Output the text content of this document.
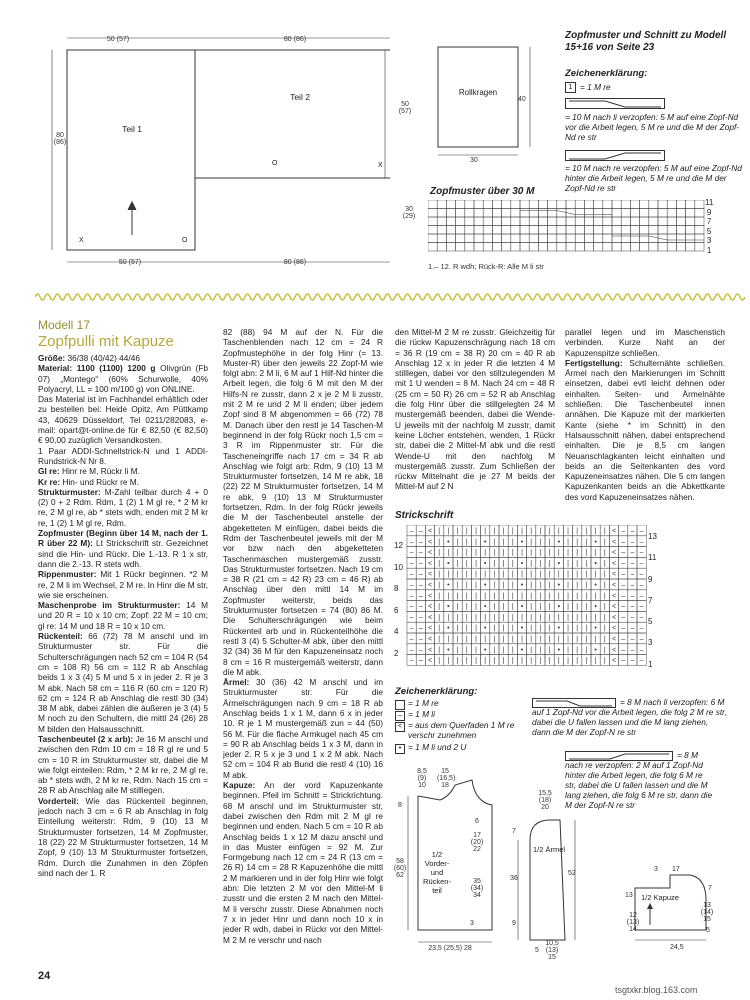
50 (57)	80 (86)
50 (57)	80 (86)
Teil 1
Teil 2
X	O
O	X
80 (86)
50 (57)
Rollkragen
40
30
Zopfmuster und Schnitt zu Modell 15+16 von Seite 23
Zeichenerklärung:
1 = 1 M re
= 10 M nach li verzopfen: 5 M auf eine Zopf-Nd vor die Arbeit legen, 5 M re und die M der Zopf-Nd re str
= 10 M nach re verzopfen: 5 M auf eine Zopf-Nd hinter die Arbeit legen, 5 M re und die M der Zopf-Nd re str
Zopfmuster über 30 M
30 (29)
11
9
7
5
3
1
1.– 12. R wdh; Rück-R: Alle M li str
Modell 17
Zopfpulli mit Kapuze

Größe: 36/38 (40/42) 44/46

Material: 1100 (1100) 1200 g Olivgrün (Fb 07) „Montego“ (60% Schurwolle, 40% Polyacryl, LL = 100 m/100 g) von ONLINE.

Das Material ist im Fachhandel erhältlich oder zu bestellen bei: Heide Opitz, Am Püttkamp 43, 40629 Düsseldorf, Tel 0211/282083, e-mail: opart@t-online.de für € 82,50 (€ 82,50) € 90,00 zuzüglich Versandkosten.

1 Paar ADDI-Schnellstrick-N und 1 ADDI-Rundstrick-N Nr 8.

Gl re: Hinr re M, Rückr li M.

Kr re: Hin- und Rückr re M.

Strukturmuster: M-Zahl teilbar durch 4 + 0 (2) 0 + 2 Rdm. Rdm, 1 (2) 1 M gl re, * 2 M kr re, 2 M gl re, ab * stets wdh, enden mit 2 M kr re, 1 (2) 1 M gl re, Rdm.

Zopfmuster (Beginn über 14 M, nach der 1. R über 22 M): Lt Strickschrift str. Gezeichnet sind die Hin- und Rückr. Die 1.-13. R 1 x str, dann die 2.-13. R stets wdh.

Rippenmuster: Mit 1 Rückr beginnen. *2 M re, 2 M li im Wechsel, 2 M re. In Hinr die M str, wie sie erscheinen.

Maschenprobe im Strukturmuster: 14 M und 20 R = 10 x 10 cm; Zopf: 22 M = 10 cm; gl re: 14 M und 18 R = 10 x 10 cm.

Rückenteil: 66 (72) 78 M anschl und im Strukturmuster str. Für die Schulterschrägungen nach 52 cm = 104 R (54 cm = 108 R) 56 cm = 112 R ab Anschlag beids 1 x 3 (4) 5 M und 5 x in jeder 2. R je 3 M abk. Nach 58 cm = 116 R (60 cm = 120 R) 62 cm = 124 R ab Anschlag die restl 30 (34) 38 M abk, dabei zählen die äußeren je 3 (4) 5 M noch zu den Schultern, die mittl 24 (26) 28 M bilden den Halsausschnitt.

Taschenbeutel (2 x arb): Je 16 M anschl und zwischen den Rdm 10 cm = 18 R gl re und 5 cm = 10 R im Strukturmuster str, dabei die M wie folgt einteilen: Rdm, * 2 M kr re, 2 M gl re, ab * stets wdh, 2 M kr re, Rdm. Nach 15 cm = 28 R ab Anschlag alle M stilllegen.

Vorderteil: Wie das Rückenteil beginnen, jedoch nach 3 cm = 6 R ab Anschlag in folg Einteilung weiterstr: Rdm, 9 (10) 13 M Strukturmuster fortsetzen, 14 M Zopfmuster, 18 (22) 22 M Strukturmuster fortsetzen, 14 M Zopf, 9 (10) 13 M Strukturmuster fortsetzen, Rdm. Durch die Zunahmen in den Zöpfen sind nach der 1. R

82 (88) 94 M auf der N. Für die Taschenblenden nach 12 cm = 24 R Zopfmustерhöhe in der folg Hinr (= 13. Muster-R) über den jeweils 22 Zopf-M wie folgt abn: 2 M li, 6 M auf 1 Hilf-Nd hinter die Arbeit legen, die folg 6 M mit den M der Hilfs-N re zusstr, dann 2 x je 2 M li zusstr, mit 2 M re und 2 M li enden; über jedem Zopf sind 8 M abgenommen = 66 (72) 78 M. Danach über den restl je 14 Taschen-M beginnend in der folg Rückr noch 1,5 cm = 3 R im Rippenmuster str. Für die Tascheneingriffe nach 17 cm = 34 R ab Anschlag wie folgt arb: Rdm, 9 (10) 13 M Strukturmuster fortsetzen, 14 M re abk, 18 (22) 22 M Strukturmuster fortsetzen, 14 M re abk, 9 (10) 13 M Strukturmuster fortsetzen, Rdm. In der folg Rückr jeweils die M der Taschenbeutel anstelle der abgeketteten M einfügen, dabei beids die Rdm der Taschenbeutel jeweils mit der M vor bzw nach den abgeketteten Taschenmaschen mustergemäß zusstr. Das Strukturmuster fortsetzen. Nach 19 cm = 38 R (21 cm = 42 R) 23 cm = 46 R) ab Anschlag über den mittl 14 M im Zopfmuster weiterstr, beids das Strukturmuster fortsetzen = 74 (80) 86 M. Die Schulterschrägungen wie beim Rückenteil arb und in Rückenteilhöhe die restl 3 (4) 5 Schulter-M abk, über den mittl 32 (34) 36 M für den Kapuzeneinsatz noch 8 cm = 16 R mustergemäß weiterstr, dann die M abk.

Ärmel: 30 (36) 42 M anschl und im Strukturmuster str. Für die Ärmelschrägungen nach 9 cm = 18 R ab Anschlag beids 1 x 1 M, dann 6 x in jeder 10. R je 1 M mustergemäß zun = 44 (50) 56 M. Für die flache Armkugel nach 45 cm = 90 R ab Anschlag beids 1 x 3 M, dann in jeder 2. R 5 x je 3 und 1 x 2 M abk. Nach 52 cm = 104 R ab Bund die restl 4 (10) 16 M abk.

Kapuze: An der vord Kapuzenkante beginnen. Pfeil im Schnitt = Strickrichtung. 68 M anschl und im Strukturmuster str, dabei zwischen den Rdm mit 2 M gl re beginnen und enden. Nach 5 cm = 10 R ab Anschlag beids 1 x 12 M dazu anschl und in das Muster einfügen = 92 M. Zur Formgebung nach 12 cm = 24 R (13 cm = 26 R) 14 cm = 28 R Kapuzenhöhe die mittl 2 M markieren und in der folg Hinr wie folgt abn: Die letzten 2 M vor den Mittel-M li zusstr und die ersten 2 M nach den Mittel-M li verschr zusstr. Diese Abnahmen noch 7 x in jeder Hinr und dann noch 10 x in jeder R wdh, dabei in Rückr vor den Mittel-M 2 M re verschr und nach

den Mittel-M 2 M re zusstr. Gleichzeitig für die rückw Kapuzenschrägung nach 18 cm = 36 R (19 cm = 38 R) 20 cm = 40 R ab Anschlag 12 x in jeder R die letzten 4 M stilllegen, dabei vor den stillzulegenden M mit 1 U wenden = 8 M. Nach 24 cm = 48 R (25 cm = 50 R) 26 cm = 52 R ab Anschlag die folg Hinr über die stillgelegten 24 M mustergemäß beenden, dabei die Wende-U jeweils mit der nachfolg M zusstr, damit keine Löcher entstehen, wenden, 1 Rückr str, dabei die 2 Mittel-M abk und die restl Wende-U mit den nachfolg M mustergemäß zusstr. Zum Schließen der rückw Mittelnaht die je 27 M beids der Mittel-M auf 2 N

parallel legen und im Maschenstich verbinden. Kurze Naht an der Kapuzenspitze schließen.

Fertigstellung: Schulternähte schließen. Ärmel nach den Markierungen im Schnitt einsetzen, dabei evtl leicht dehnen oder einhalten. Seiten- und Ärmelnähte schließen. Die Taschenbeutel innen annähen. Die Kapuze mit der markierten Kante (siehe * im Schnitt) in den Halsausschnitt nähen, dabei entsprechend einhalten. Die je 8,5 cm langen Neuanschlagkanten leicht einhalten und beids an die Seitenkanten des vord Kapuzeneinsatzes nähen. Die 5 cm langen Kapuzenkanten beids an die Abkettkante des vord Kapuzeneinsatzes nähen.

Strickschrift
– – < | | | | | | | | | | | | | | | | | | | < – – –
– – < | • | | | • | | | • | | | • | | | • | < – – –
– – < | | | | | | | | | | | | | | | | | | | < – – –
– – < | • | | | • | | | • | | | • | | | • | < – – –
– – < | | | | | | | | | | | | | | | | | | | < – – –
– – < | • | | | • | | | • | | | • | | | • | < – – –
– – < | | | | | | | | | | | | | | | | | | | < – – –
– – < | • | | | • | | | • | | | • | | | • | < – – –
– – < | | | | | | | | | | | | | | | | | | | < – – –
– – < | • | | | • | | | • | | | • | | | • | < – – –
– – < | | | | | | | | | | | | | | | | | | | < – – –
– – < | • | | | • | | | • | | | • | | | • | < – – –
– – < | | | | | | | | | | | | | | | | | | | < – – –
12
10
8
6
4
2
13
11
9
7
5
3
1
Zeichenerklärung:
= 1 M re
– = 1 M li
< = aus dem Querfaden 1 M re verschr zunehmen
• = 1 M li und 2 U
= 8 M nach li verzopfen: 6 M auf 1 Zopf-Nd vor die Arbeit legen, die folg 2 M re str, dabei die U fallen lassen und die M lang ziehen, dann die M der Zopf-N re str
= 8 M nach re verzopfen: 2 M auf 1 Zopf-Nd hinter die Arbeit legen, die folg 6 M re str, dabei die U fallen lassen und die M lang ziehen, die folg 6 M re str, dann die M der Zopf-N re str
8,5 (9) 10
15 (16,5) 18
8
6
17 (20) 22
58 (60) 62
1/2 Vorder- und Rücken- teil
35 (34) 34
3
23,5 (25,5) 28
15,5 (18) 20
7
1/2 Ärmel
36
52
9
5
10,5 (13) 15
3 17
13
7
1/2 Kapuze
12 (13) 14
13 (14) 15
5
24,5
24
tsgtxkr.blog.163.com
